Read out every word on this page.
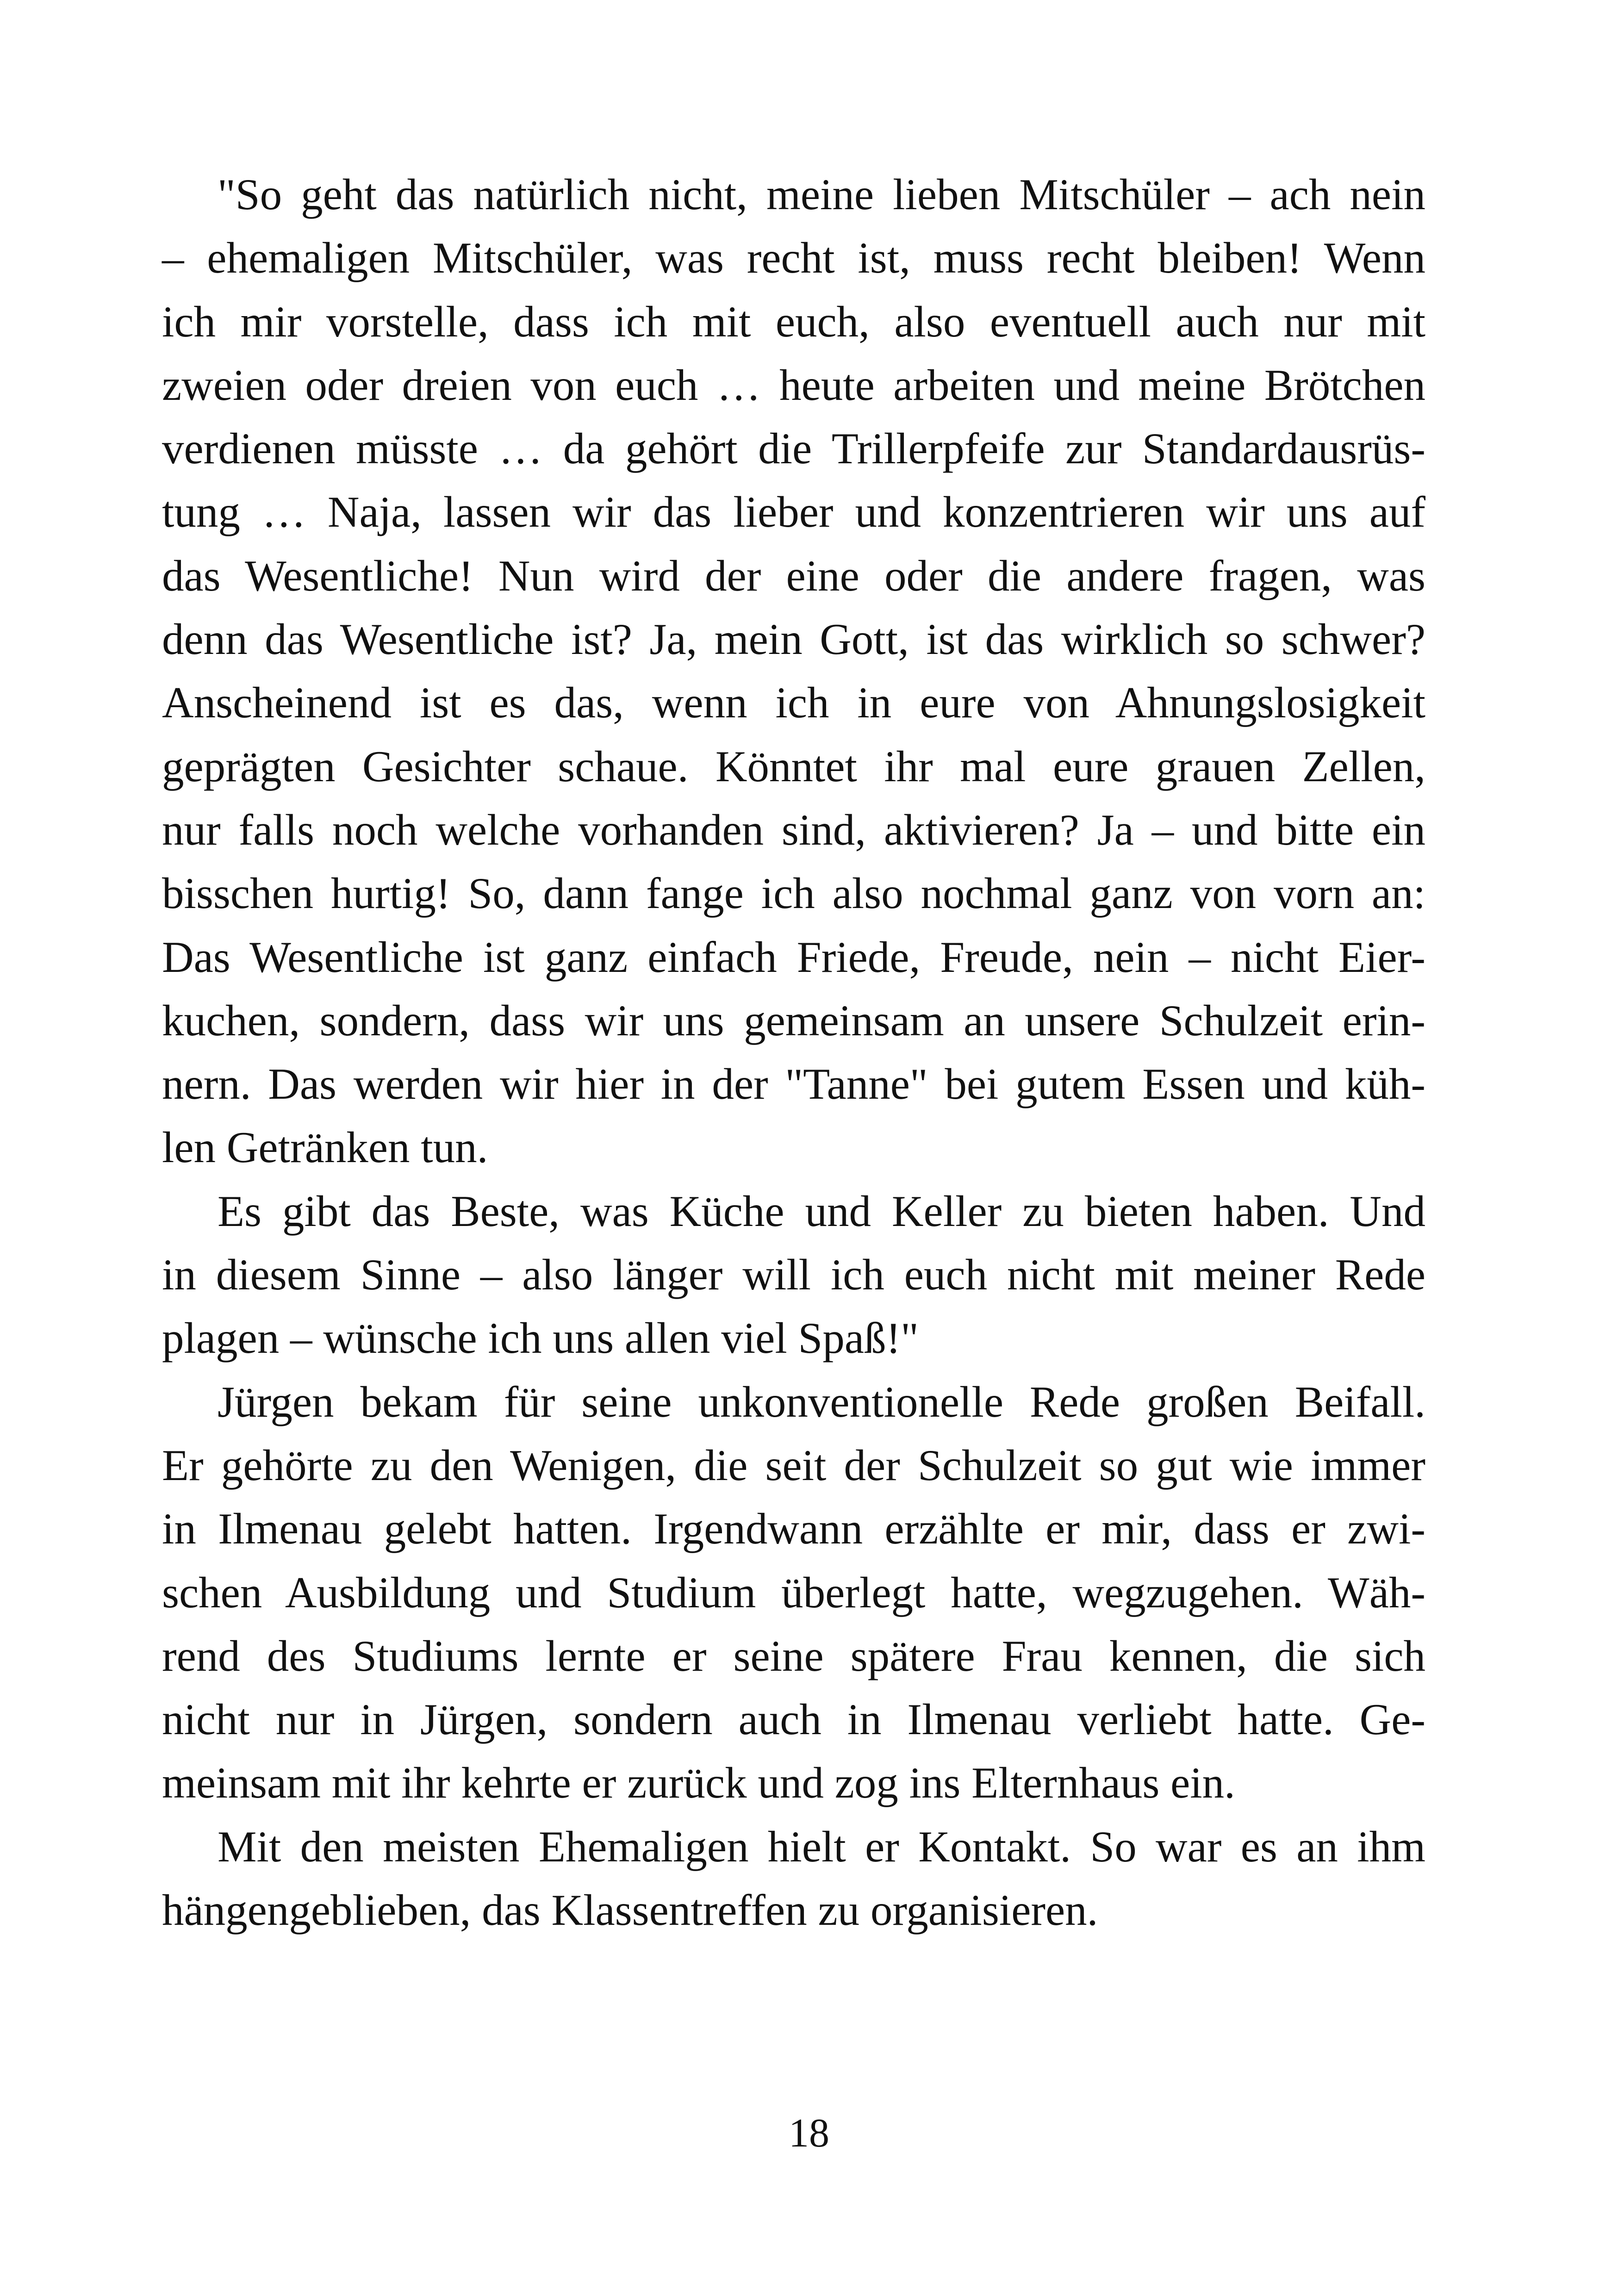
"So geht das natürlich nicht, meine lieben Mitschüler – ach nein
– ehemaligen Mitschüler, was recht ist, muss recht bleiben! Wenn
ich mir vorstelle, dass ich mit euch, also eventuell auch nur mit
zweien oder dreien von euch … heute arbeiten und meine Brötchen
verdienen müsste … da gehört die Trillerpfeife zur Standardausrüs-
tung … Naja, lassen wir das lieber und konzentrieren wir uns auf
das Wesentliche! Nun wird der eine oder die andere fragen, was
denn das Wesentliche ist? Ja, mein Gott, ist das wirklich so schwer?
Anscheinend ist es das, wenn ich in eure von Ahnungslosigkeit
geprägten Gesichter schaue. Könntet ihr mal eure grauen Zellen,
nur falls noch welche vorhanden sind, aktivieren? Ja – und bitte ein
bisschen hurtig! So, dann fange ich also nochmal ganz von vorn an:
Das Wesentliche ist ganz einfach Friede, Freude, nein – nicht Eier-
kuchen, sondern, dass wir uns gemeinsam an unsere Schulzeit erin-
nern. Das werden wir hier in der "Tanne" bei gutem Essen und küh-
len Getränken tun.
Es gibt das Beste, was Küche und Keller zu bieten haben. Und
in diesem Sinne – also länger will ich euch nicht mit meiner Rede
plagen – wünsche ich uns allen viel Spaß!"
Jürgen bekam für seine unkonventionelle Rede großen Beifall.
Er gehörte zu den Wenigen, die seit der Schulzeit so gut wie immer
in Ilmenau gelebt hatten. Irgendwann erzählte er mir, dass er zwi-
schen Ausbildung und Studium überlegt hatte, wegzugehen. Wäh-
rend des Studiums lernte er seine spätere Frau kennen, die sich
nicht nur in Jürgen, sondern auch in Ilmenau verliebt hatte. Ge-
meinsam mit ihr kehrte er zurück und zog ins Elternhaus ein.
Mit den meisten Ehemaligen hielt er Kontakt. So war es an ihm
hängengeblieben, das Klassentreffen zu organisieren.
18
